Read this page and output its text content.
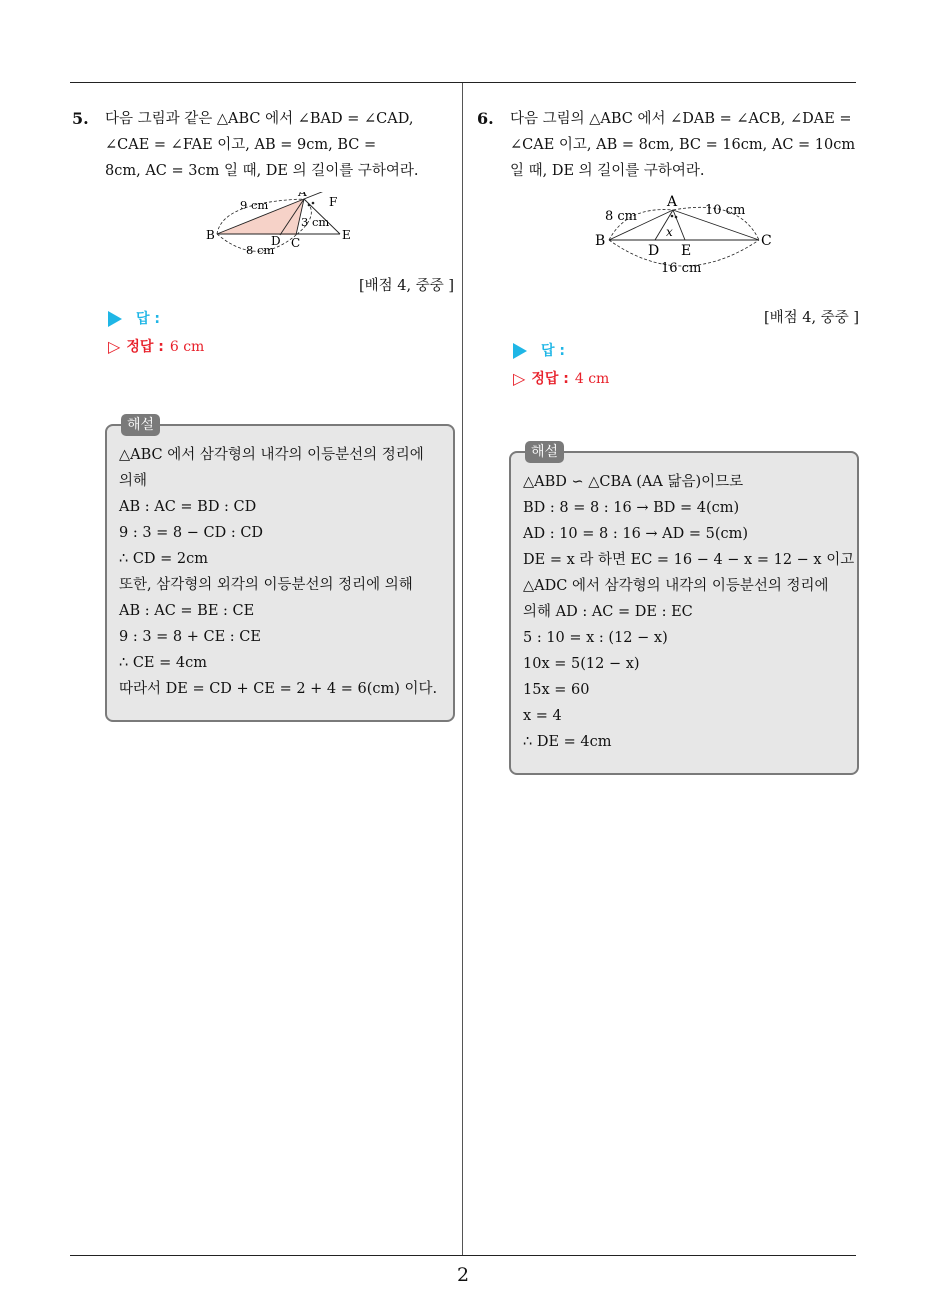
2
5.	다음 그림과 같은 △ABC 에서 ∠BAD = ∠CAD,

∠CAE = ∠FAE 이고, AB = 9cm, BC =

8cm, AC = 3cm 일 때, DE 의 길이를 구하여라.

A
B
C
D	E
F
9 cm
3 cm
8 cm
[배점 4, 중중 ]
답 :
▷ 정답 : 6 cm
해설

△ABC 에서 삼각형의 내각의 이등분선의 정리에

의해

AB : AC = BD : CD

9 : 3 = 8 − CD : CD

∴ CD = 2cm

또한, 삼각형의 외각의 이등분선의 정리에 의해

AB : AC = BE : CE

9 : 3 = 8 + CE : CE

∴ CE = 4cm

따라서 DE = CD + CE = 2 + 4 = 6(cm) 이다.

6.	다음 그림의 △ABC 에서 ∠DAB = ∠ACB, ∠DAE =

∠CAE 이고, AB = 8cm, BC = 16cm, AC = 10cm

일 때, DE 의 길이를 구하여라.

A
B	C
D E
8 cm	10 cm
16 cm
x
[배점 4, 중중 ]
답 :
▷ 정답 : 4 cm
해설

△ABD ∽ △CBA (AA 닮음)이므로

BD : 8 = 8 : 16 → BD = 4(cm)

AD : 10 = 8 : 16 → AD = 5(cm)

DE = x 라 하면 EC = 16 − 4 − x = 12 − x 이고

△ADC 에서 삼각형의 내각의 이등분선의 정리에

의해 AD : AC = DE : EC

5 : 10 = x : (12 − x)

10x = 5(12 − x)

15x = 60

x = 4

∴ DE = 4cm
